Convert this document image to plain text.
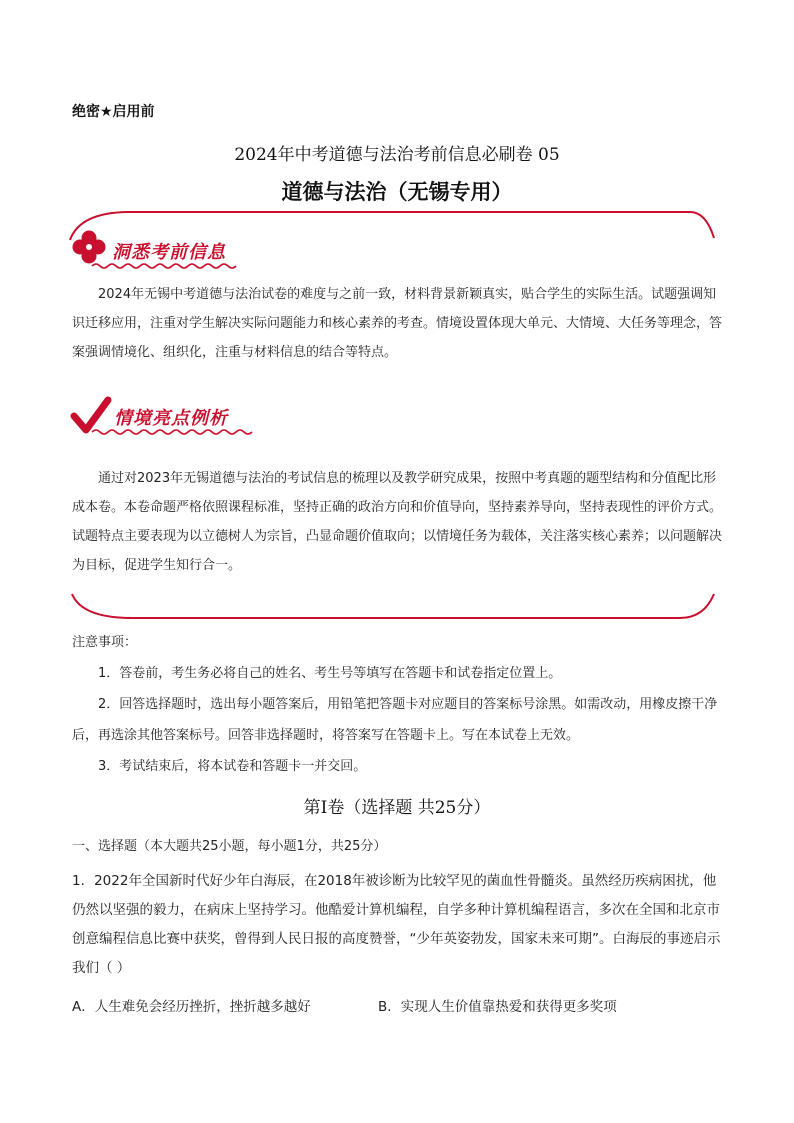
绝密★启用前
2024年中考道德与法治考前信息必刷卷 05
道德与法治（无锡专用）
洞悉考前信息
2024年无锡中考道德与法治试卷的难度与之前一致，材料背景新颖真实，贴合学生的实际生活。试题强调知识迁移应用，注重对学生解决实际问题能力和核心素养的考查。情境设置体现大单元、大情境、大任务等理念，答案强调情境化、组织化，注重与材料信息的结合等特点。
情境亮点例析
通过对2023年无锡道德与法治的考试信息的梳理以及教学研究成果，按照中考真题的题型结构和分值配比形成本卷。本卷命题严格依照课程标准，坚持正确的政治方向和价值导向，坚持素养导向，坚持表现性的评价方式。试题特点主要表现为以立德树人为宗旨，凸显命题价值取向；以情境任务为载体，关注落实核心素养；以问题解决为目标，促进学生知行合一。
注意事项：
1．答卷前，考生务必将自己的姓名、考生号等填写在答题卡和试卷指定位置上。
2．回答选择题时，选出每小题答案后，用铅笔把答题卡对应题目的答案标号涂黑。如需改动，用橡皮擦干净后，再选涂其他答案标号。回答非选择题时，将答案写在答题卡上。写在本试卷上无效。
3．考试结束后，将本试卷和答题卡一并交回。
第Ⅰ卷（选择题 共25分）
一、选择题（本大题共25小题，每小题1分，共25分）
1．2022年全国新时代好少年白海辰，在2018年被诊断为比较罕见的菌血性骨髓炎。虽然经历疾病困扰，他仍然以坚强的毅力，在病床上坚持学习。他酷爱计算机编程，自学多种计算机编程语言，多次在全国和北京市创意编程信息比赛中获奖，曾得到人民日报的高度赞誉，“少年英姿勃发，国家未来可期”。白海辰的事迹启示我们（ ）
A．人生难免会经历挫折，挫折越多越好	B．实现人生价值靠热爱和获得更多奖项
